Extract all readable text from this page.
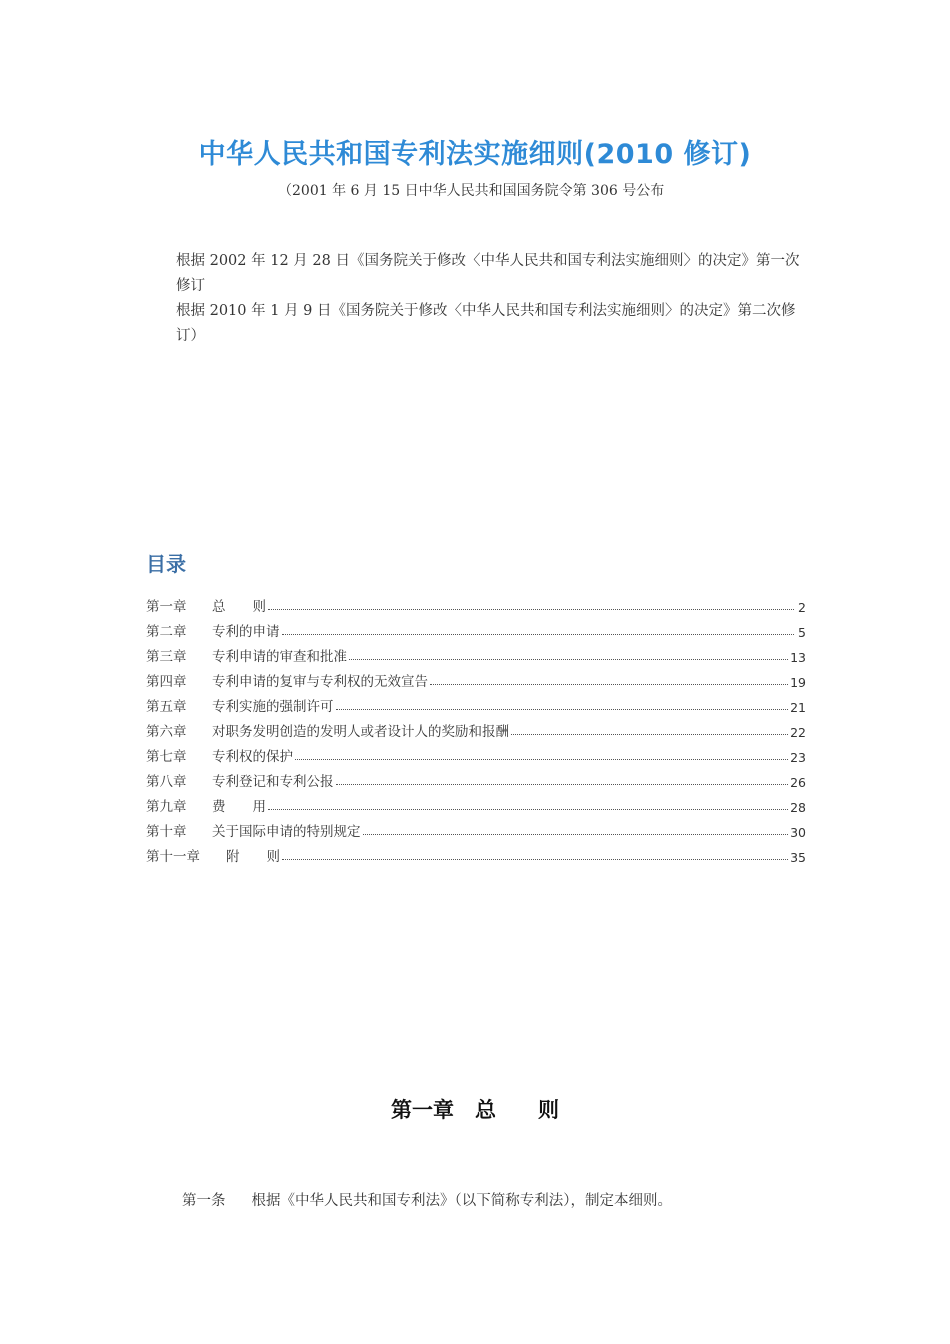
中华人民共和国专利法实施细则(2010 修订)
（2001 年 6 月 15 日中华人民共和国国务院令第 306 号公布
根据 2002 年 12 月 28 日《国务院关于修改〈中华人民共和国专利法实施细则〉的决定》第一次修订
根据 2010 年 1 月 9 日《国务院关于修改〈中华人民共和国专利法实施细则〉的决定》第二次修订）
目录
第一章	总　　则	2
第二章	专利的申请	5
第三章	专利申请的审查和批准	13
第四章	专利申请的复审与专利权的无效宣告	19
第五章	专利实施的强制许可	21
第六章	对职务发明创造的发明人或者设计人的奖励和报酬	22
第七章	专利权的保护	23
第八章	专利登记和专利公报	26
第九章	费　　用	28
第十章	关于国际申请的特别规定	30
第十一章	附　　则	35
第一章　总　　则
第一条 根据《中华人民共和国专利法》（以下简称专利法），制定本细则。
